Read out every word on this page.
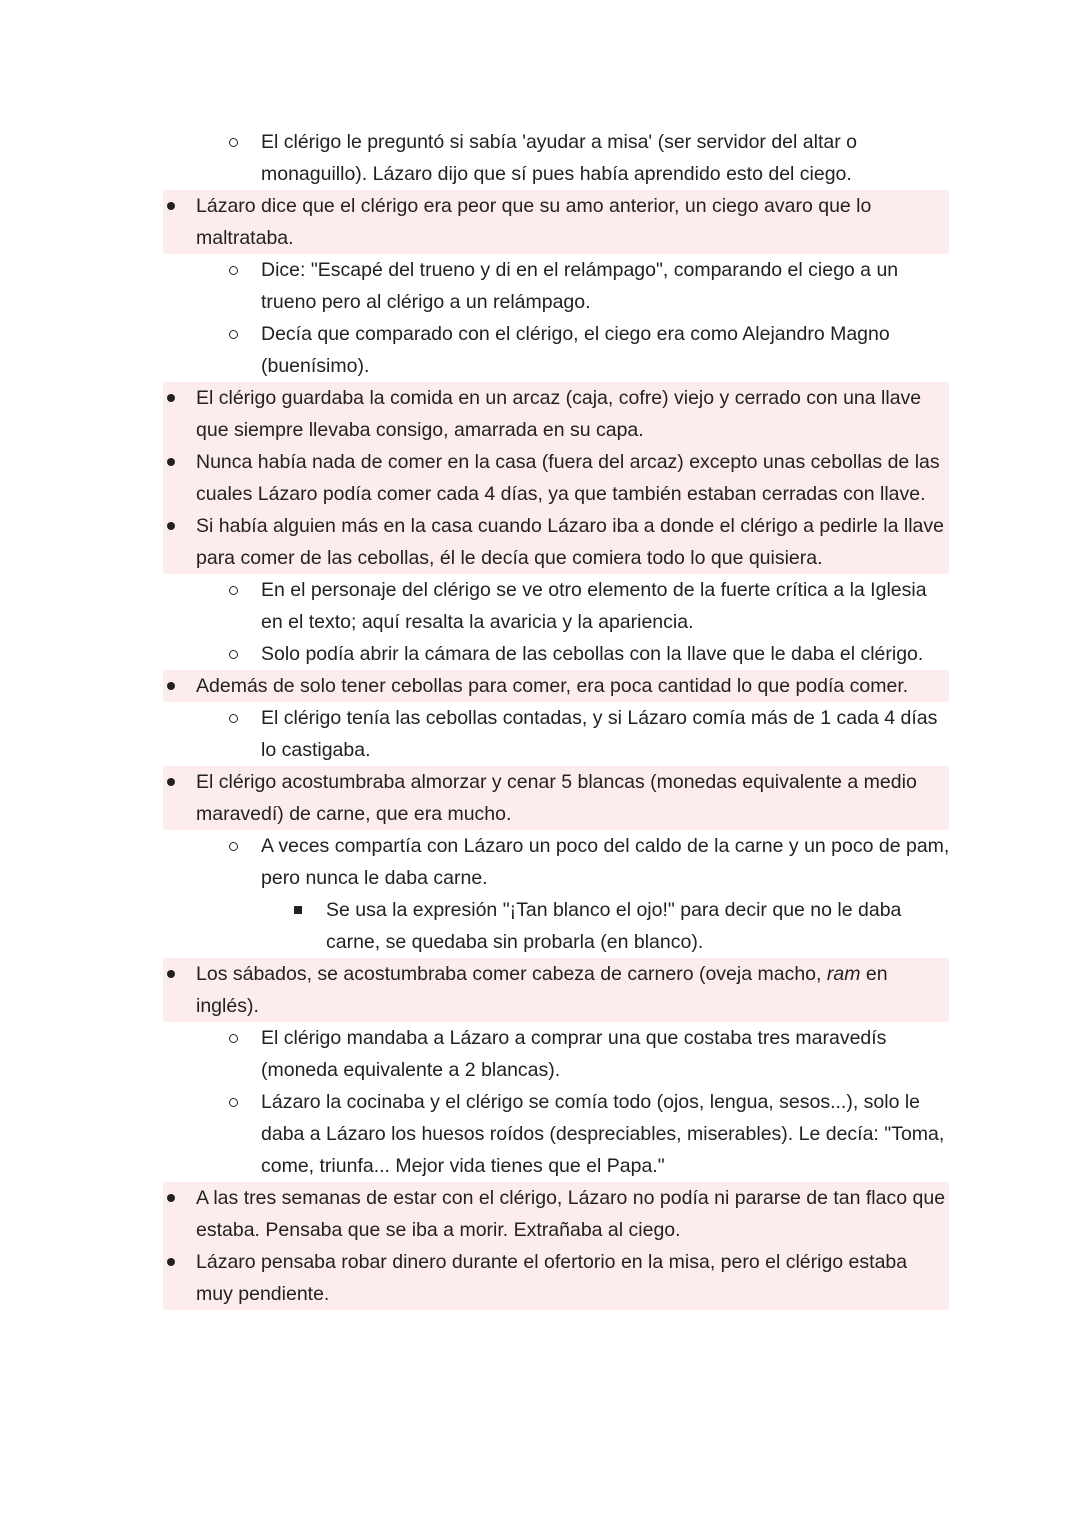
El clérigo le preguntó si sabía 'ayudar a misa' (ser servidor del altar o monaguillo). Lázaro dijo que sí pues había aprendido esto del ciego.
Lázaro dice que el clérigo era peor que su amo anterior, un ciego avaro que lo maltrataba.
Dice: "Escapé del trueno y di en el relámpago", comparando el ciego a un trueno pero al clérigo a un relámpago.
Decía que comparado con el clérigo, el ciego era como Alejandro Magno (buenísimo).
El clérigo guardaba la comida en un arcaz (caja, cofre) viejo y cerrado con una llave que siempre llevaba consigo, amarrada en su capa.
Nunca había nada de comer en la casa (fuera del arcaz) excepto unas cebollas de las cuales Lázaro podía comer cada 4 días, ya que también estaban cerradas con llave.
Si había alguien más en la casa cuando Lázaro iba a donde el clérigo a pedirle la llave para comer de las cebollas, él le decía que comiera todo lo que quisiera.
En el personaje del clérigo se ve otro elemento de la fuerte crítica a la Iglesia en el texto; aquí resalta la avaricia y la apariencia.
Solo podía abrir la cámara de las cebollas con la llave que le daba el clérigo.
Además de solo tener cebollas para comer, era poca cantidad lo que podía comer.
El clérigo tenía las cebollas contadas, y si Lázaro comía más de 1 cada 4 días lo castigaba.
El clérigo acostumbraba almorzar y cenar 5 blancas (monedas equivalente a medio maravedí) de carne, que era mucho.
A veces compartía con Lázaro un poco del caldo de la carne y un poco de pam, pero nunca le daba carne.
Se usa la expresión "¡Tan blanco el ojo!" para decir que no le daba carne, se quedaba sin probarla (en blanco).
Los sábados, se acostumbraba comer cabeza de carnero (oveja macho, ram en inglés).
El clérigo mandaba a Lázaro a comprar una que costaba tres maravedís (moneda equivalente a 2 blancas).
Lázaro la cocinaba y el clérigo se comía todo (ojos, lengua, sesos...), solo le daba a Lázaro los huesos roídos (despreciables, miserables). Le decía: "Toma, come, triunfa... Mejor vida tienes que el Papa."
A las tres semanas de estar con el clérigo, Lázaro no podía ni pararse de tan flaco que estaba. Pensaba que se iba a morir. Extrañaba al ciego.
Lázaro pensaba robar dinero durante el ofertorio en la misa, pero el clérigo estaba muy pendiente.
